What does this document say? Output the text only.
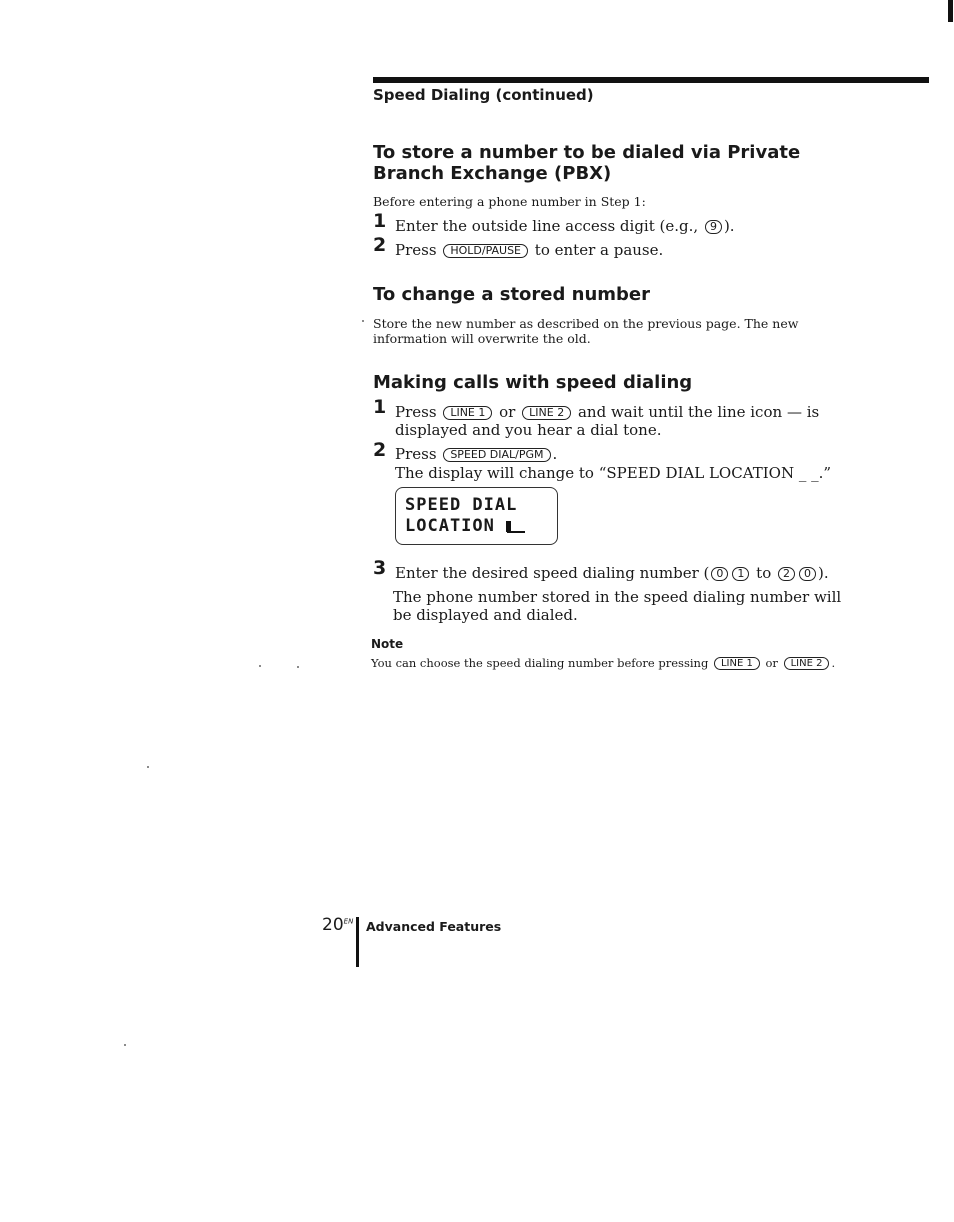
Speed Dialing (continued)
To store a number to be dialed via Private
Branch Exchange (PBX)
Before entering a phone number in Step 1:
1 Enter the outside line access digit (e.g., 9 ).
2 Press HOLD/PAUSE to enter a pause.
To change a stored number
Store the new number as described on the previous page. The new
information will overwrite the old.
Making calls with speed dialing
1 Press LINE 1 or LINE 2 and wait until the line icon — is
displayed and you hear a dial tone.
2 Press SPEED DIAL/PGM .
The display will change to “SPEED DIAL LOCATION _ _.”
SPEED DIAL
LOCATION
3 Enter the desired speed dialing number ( 0 1 to 2 0 ).
The phone number stored in the speed dialing number will
be displayed and dialed.
Note
You can choose the speed dialing number before pressing LINE 1 or LINE 2 .
$20^{EN}$ Advanced Features
